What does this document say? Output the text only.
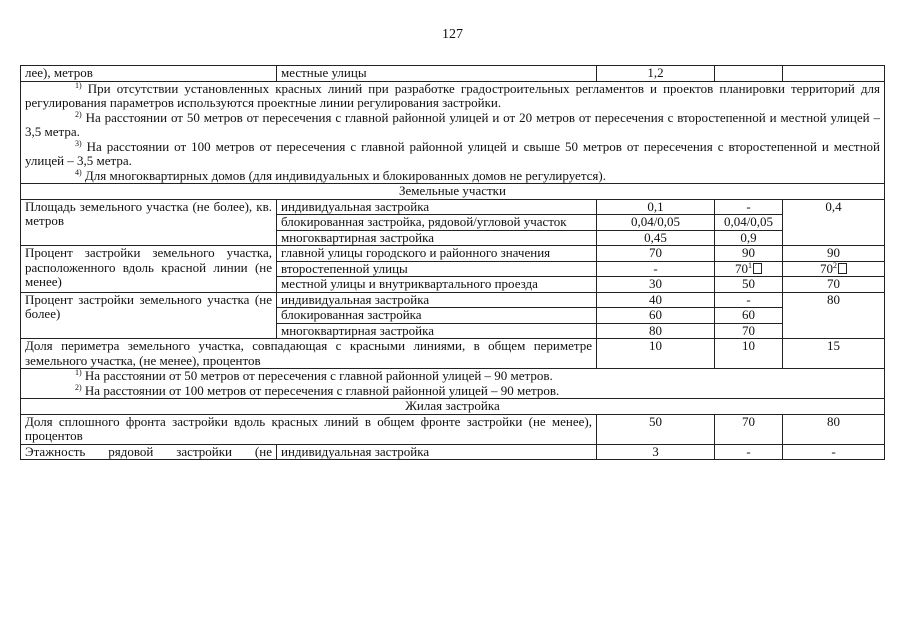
127
лее), метров	местные улицы	1,2		

$^{1)}$ При отсутствии установленных красных линий при разработке градостроительных регламентов и проектов планировки территорий для регулирования параметров используются проектные линии регулирования застройки.
$^{2)}$ На расстоянии от 50 метров от пересечения с главной районной улицей и от 20 метров от пересечения с второстепенной и местной улицей – 3,5 метра.
$^{3)}$ На расстоянии от 100 метров от пересечения с главной районной улицей и свыше 50 метров от пересечения с второстепенной и местной улицей – 3,5 метра.
$^{4)}$ Для многоквартирных домов (для индивидуальных и блокированных домов не регулируется).				

Земельные участки				
Площадь земельного участка (не более), кв. метров	индивидуальная застройка	0,1	-	0,4
	блокированная застройка, рядовой/угловой участок	0,04/0,05	0,04/0,05	
	многоквартирная застройка	0,45	0,9	
Процент застройки земельного участка, расположенного вдоль красной линии (не менее)	главной улицы городского и районного значения	70	90	90
	второстепенной улицы	-	$70^1$	$70^2$
	местной улицы и внутриквартального проезда	30	50	70
Процент застройки земельного участка (не более)	индивидуальная застройка	40	-	80
	блокированная застройка	60	60	
	многоквартирная застройка	80	70	
Доля периметра земельного участка, совпадающая с красными линиями, в общем периметре земельного участка, (не менее), процентов		10	10	15

$^{1)}$ На расстоянии от 50 метров от пересечения с главной районной улицей – 90 метров.
$^{2)}$ На расстоянии от 100 метров от пересечения с главной районной улицей – 90 метров.				

Жилая застройка				
Доля сплошного фронта застройки вдоль красных линий в общем фронте застройки (не менее), процентов		50	70	80
Этажность рядовой застройки (не	индивидуальная застройка	3	-	-
